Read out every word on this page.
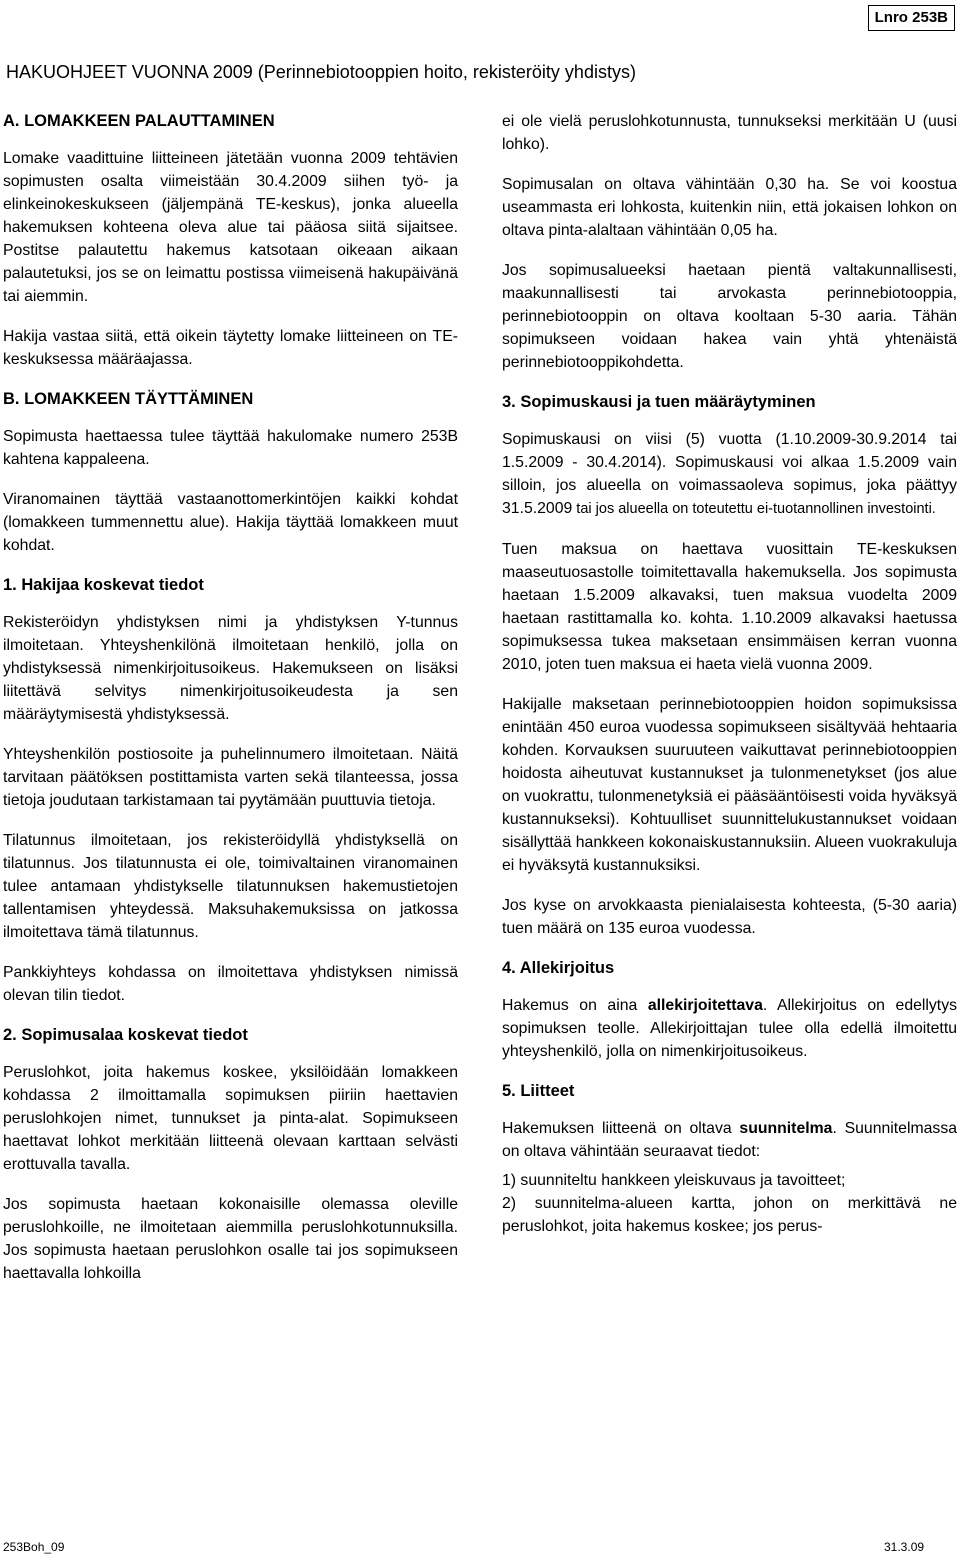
Lnro 253B
HAKUOHJEET VUONNA 2009 (Perinnebiotooppien hoito, rekisteröity yhdistys)
A. LOMAKKEEN PALAUTTAMINEN

Lomake vaadittuine liitteineen jätetään vuonna 2009 tehtävien sopimusten osalta viimeistään 30.4.2009 siihen työ- ja elinkeinokeskukseen (jäljempänä TE-keskus), jonka alueella hakemuksen kohteena oleva alue tai pääosa siitä sijaitsee. Postitse palautettu hakemus katsotaan oikeaan aikaan palautetuksi, jos se on leimattu postissa viimeisenä hakupäivänä tai aiemmin.

Hakija vastaa siitä, että oikein täytetty lomake liitteineen on TE-keskuksessa määräajassa.

B. LOMAKKEEN TÄYTTÄMINEN

Sopimusta haettaessa tulee täyttää hakulomake numero 253B kahtena kappaleena.

Viranomainen täyttää vastaanottomerkintöjen kaikki kohdat (lomakkeen tummennettu alue). Hakija täyttää lomakkeen muut kohdat.

1. Hakijaa koskevat tiedot

Rekisteröidyn yhdistyksen nimi ja yhdistyksen Y-tunnus ilmoitetaan. Yhteyshenkilönä ilmoitetaan henkilö, jolla on yhdistyksessä nimenkirjoitusoikeus. Hakemukseen on lisäksi liitettävä selvitys nimenkirjoitusoikeudesta ja sen määräytymisestä yhdistyksessä.

Yhteyshenkilön postiosoite ja puhelinnumero ilmoitetaan. Näitä tarvitaan päätöksen postittamista varten sekä tilanteessa, jossa tietoja joudutaan tarkistamaan tai pyytämään puuttuvia tietoja.

Tilatunnus ilmoitetaan, jos rekisteröidyllä yhdistyksellä on tilatunnus. Jos tilatunnusta ei ole, toimivaltainen viranomainen tulee antamaan yhdistykselle tilatunnuksen hakemustietojen tallentamisen yhteydessä. Maksuhakemuksissa on jatkossa ilmoitettava tämä tilatunnus.

Pankkiyhteys kohdassa on ilmoitettava yhdistyksen nimissä olevan tilin tiedot.

2. Sopimusalaa koskevat tiedot

Peruslohkot, joita hakemus koskee, yksilöidään lomakkeen kohdassa 2 ilmoittamalla sopimuksen piiriin haettavien peruslohkojen nimet, tunnukset ja pinta-alat. Sopimukseen haettavat lohkot merkitään liitteenä olevaan karttaan selvästi erottuvalla tavalla.

Jos sopimusta haetaan kokonaisille olemassa oleville peruslohkoille, ne ilmoitetaan aiemmilla peruslohkotunnuksilla. Jos sopimusta haetaan peruslohkon osalle tai jos sopimukseen haettavalla lohkoilla

ei ole vielä peruslohkotunnusta, tunnukseksi merkitään U (uusi lohko).

Sopimusalan on oltava vähintään 0,30 ha. Se voi koostua useammasta eri lohkosta, kuitenkin niin, että jokaisen lohkon on oltava pinta-alaltaan vähintään 0,05 ha.

Jos sopimusalueeksi haetaan pientä valtakunnallisesti, maakunnallisesti tai arvokasta perinnebiotooppia, perinnebiotooppin on oltava kooltaan 5-30 aaria. Tähän sopimukseen voidaan hakea vain yhtä yhtenäistä perinnebiotooppikohdetta.

3. Sopimuskausi ja tuen määräytyminen

Sopimuskausi on viisi (5) vuotta (1.10.2009-30.9.2014 tai 1.5.2009 - 30.4.2014). Sopimuskausi voi alkaa 1.5.2009 vain silloin, jos alueella on voimassaoleva sopimus, joka päättyy 31.5.2009 tai jos alueella on toteutettu ei-tuotannollinen investointi.

Tuen maksua on haettava vuosittain TE-keskuksen maaseutuosastolle toimitettavalla hakemuksella. Jos sopimusta haetaan 1.5.2009 alkavaksi, tuen maksua vuodelta 2009 haetaan rastittamalla ko. kohta. 1.10.2009 alkavaksi haetussa sopimuksessa tukea maksetaan ensimmäisen kerran vuonna 2010, joten tuen maksua ei haeta vielä vuonna 2009.

Hakijalle maksetaan perinnebiotooppien hoidon sopimuksissa enintään 450 euroa vuodessa sopimukseen sisältyvää hehtaaria kohden. Korvauksen suuruuteen vaikuttavat perinnebiotooppien hoidosta aiheutuvat kustannukset ja tulonmenetykset (jos alue on vuokrattu, tulonmenetyksiä ei pääsääntöisesti voida hyväksyä kustannukseksi). Kohtuulliset suunnittelukustannukset voidaan sisällyttää hankkeen kokonaiskustannuksiin. Alueen vuokrakuluja ei hyväksytä kustannuksiksi.

Jos kyse on arvokkaasta pienialaisesta kohteesta, (5-30 aaria) tuen määrä on 135 euroa vuodessa.

4. Allekirjoitus

Hakemus on aina allekirjoitettava. Allekirjoitus on edellytys sopimuksen teolle. Allekirjoittajan tulee olla edellä ilmoitettu yhteyshenkilö, jolla on nimenkirjoitusoikeus.

5. Liitteet

Hakemuksen liitteenä on oltava suunnitelma. Suunnitelmassa on oltava vähintään seuraavat tiedot:

1) suunniteltu hankkeen yleiskuvaus ja tavoitteet;
2) suunnitelma-alueen kartta, johon on merkittävä ne peruslohkot, joita hakemus koskee; jos perus-
253Boh_09	31.3.09
